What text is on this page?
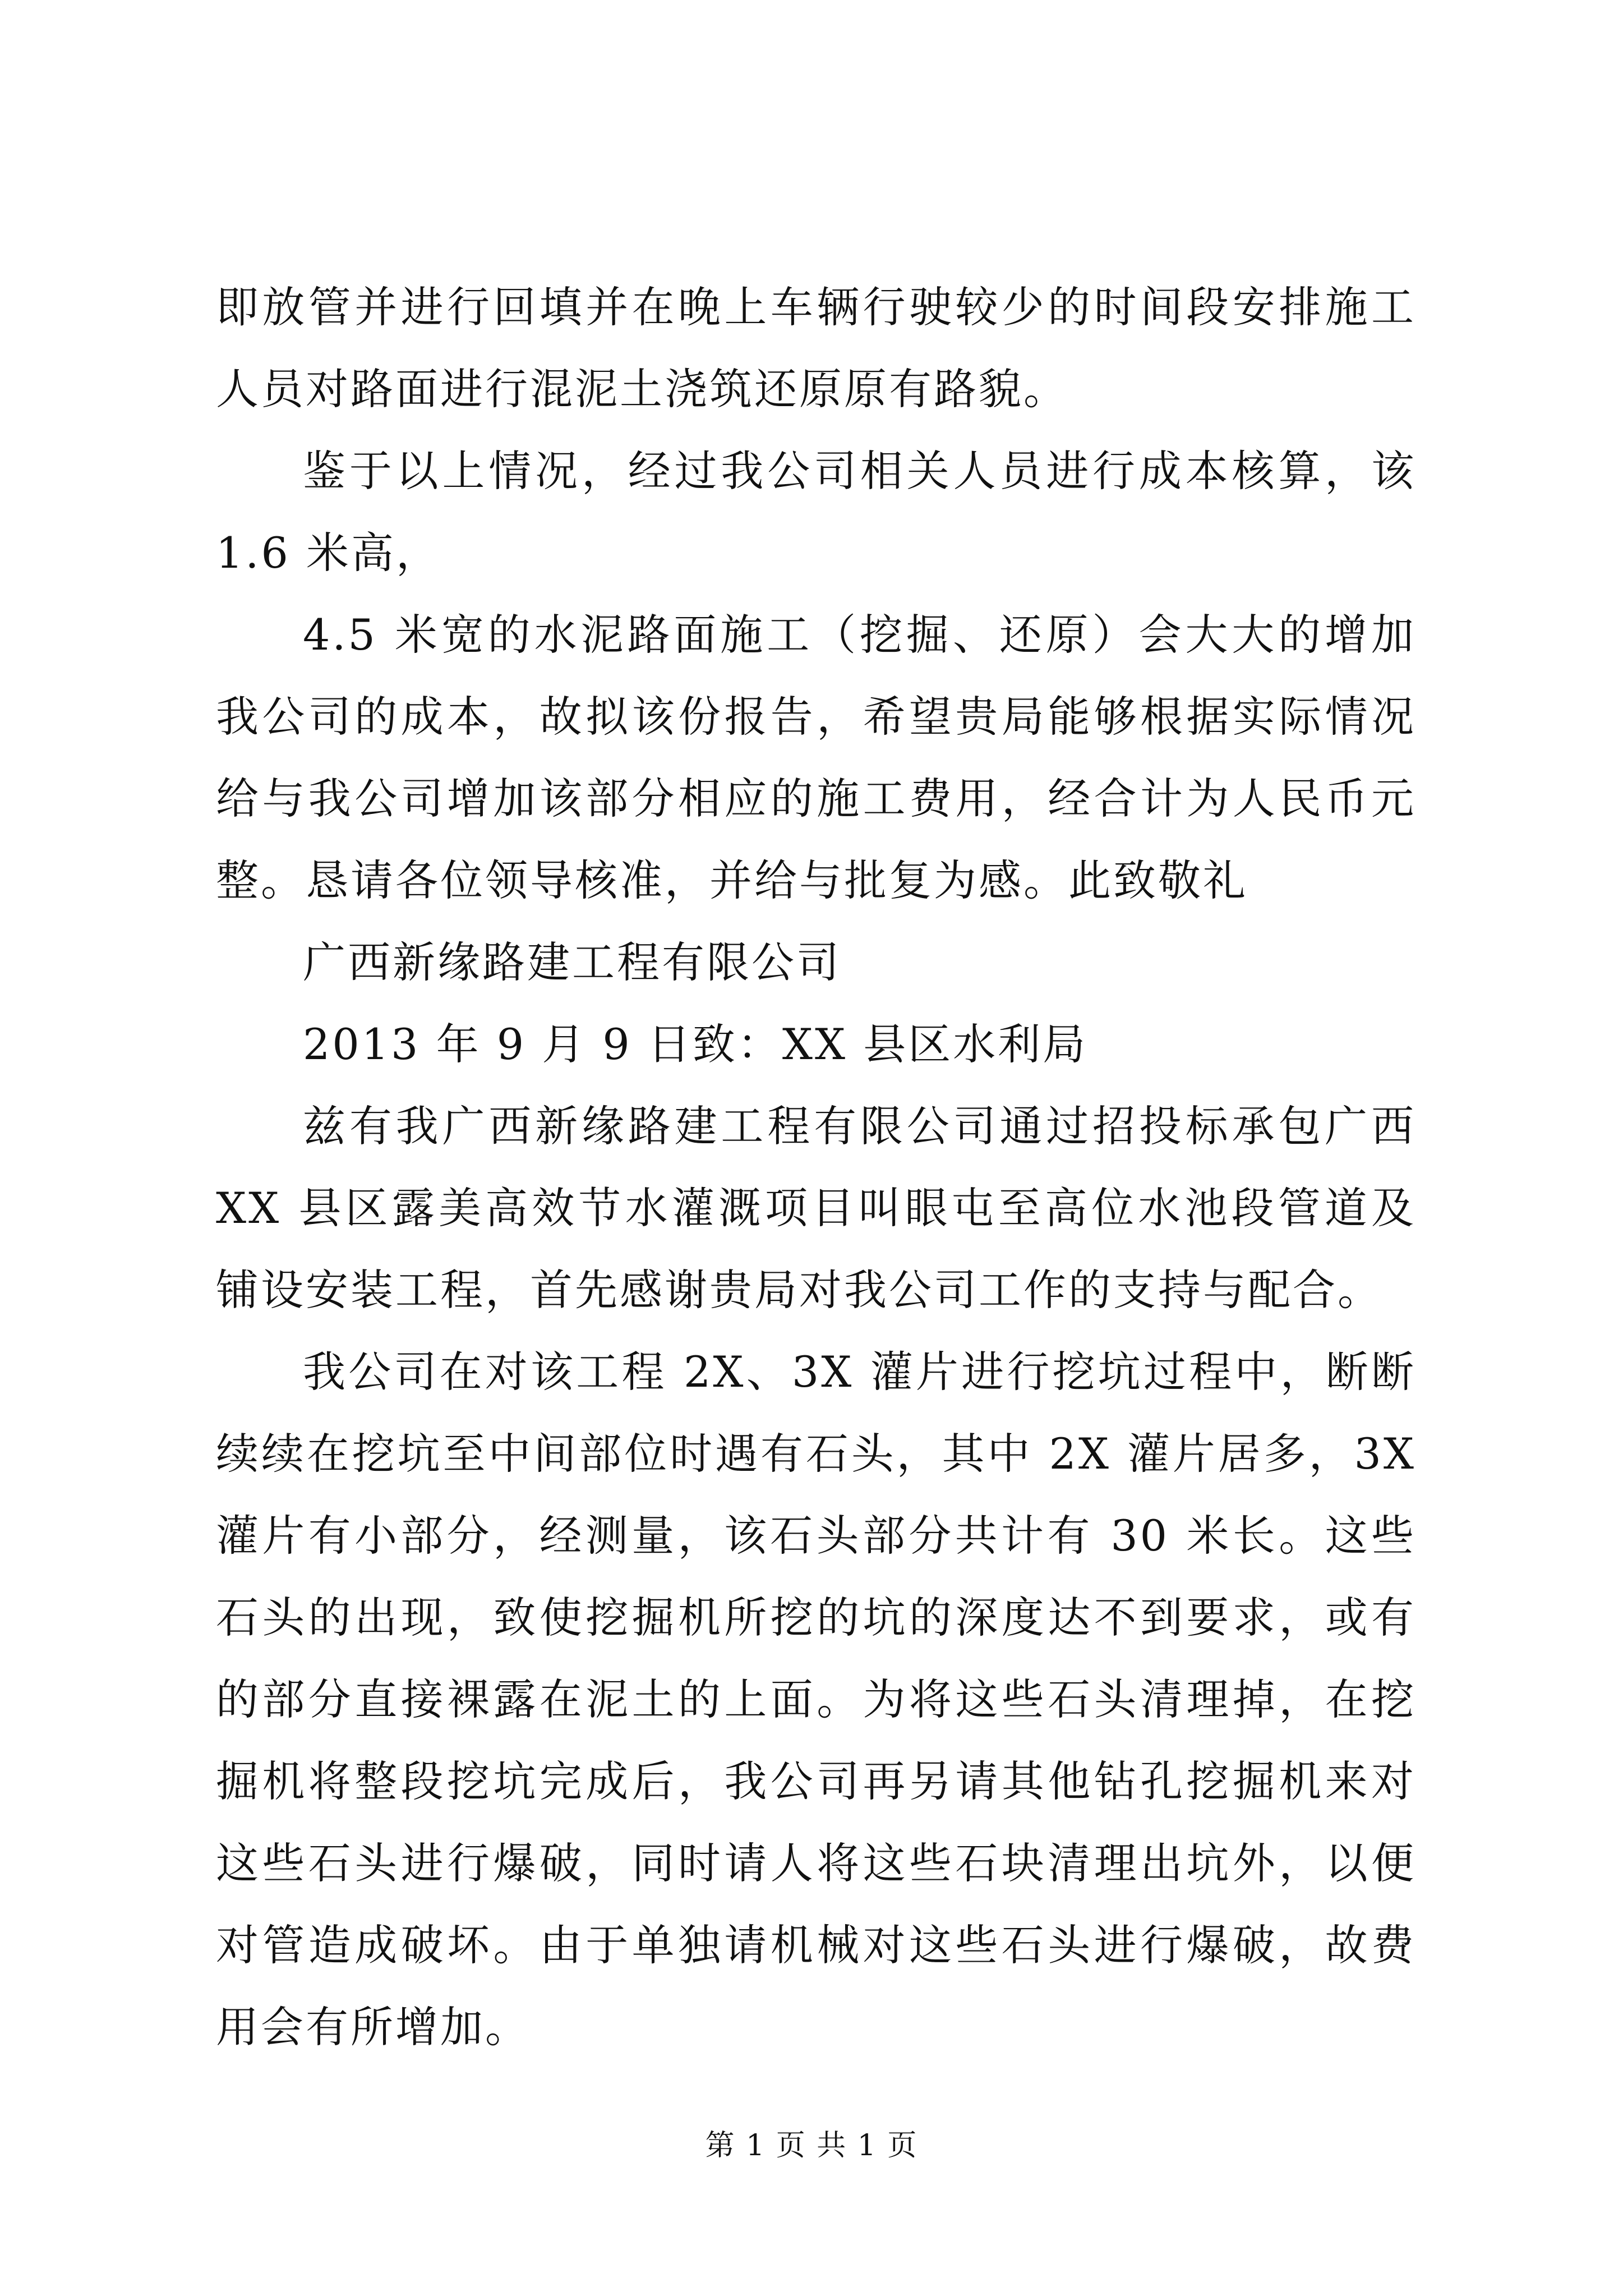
即放管并进行回填并在晚上车辆行驶较少的时间段安排施工人员对路面进行混泥土浇筑还原原有路貌。

鉴于以上情况，经过我公司相关人员进行成本核算，该 1.6 米高，

4.5 米宽的水泥路面施工（挖掘、还原）会大大的增加我公司的成本，故拟该份报告，希望贵局能够根据实际情况给与我公司增加该部分相应的施工费用，经合计为人民币元整。恳请各位领导核准，并给与批复为感。此致敬礼

广西新缘路建工程有限公司

2013 年 9 月 9 日致：XX 县区水利局

兹有我广西新缘路建工程有限公司通过招投标承包广西 XX 县区露美高效节水灌溉项目叫眼屯至高位水池段管道及铺设安装工程，首先感谢贵局对我公司工作的支持与配合。

我公司在对该工程 2X、3X 灌片进行挖坑过程中，断断续续在挖坑至中间部位时遇有石头，其中 2X 灌片居多，3X 灌片有小部分，经测量，该石头部分共计有 30 米长。这些石头的出现，致使挖掘机所挖的坑的深度达不到要求，或有的部分直接裸露在泥土的上面。为将这些石头清理掉，在挖掘机将整段挖坑完成后，我公司再另请其他钻孔挖掘机来对这些石头进行爆破，同时请人将这些石块清理出坑外，以便对管造成破坏。由于单独请机械对这些石头进行爆破，故费用会有所增加。

第 1 页 共 1 页
